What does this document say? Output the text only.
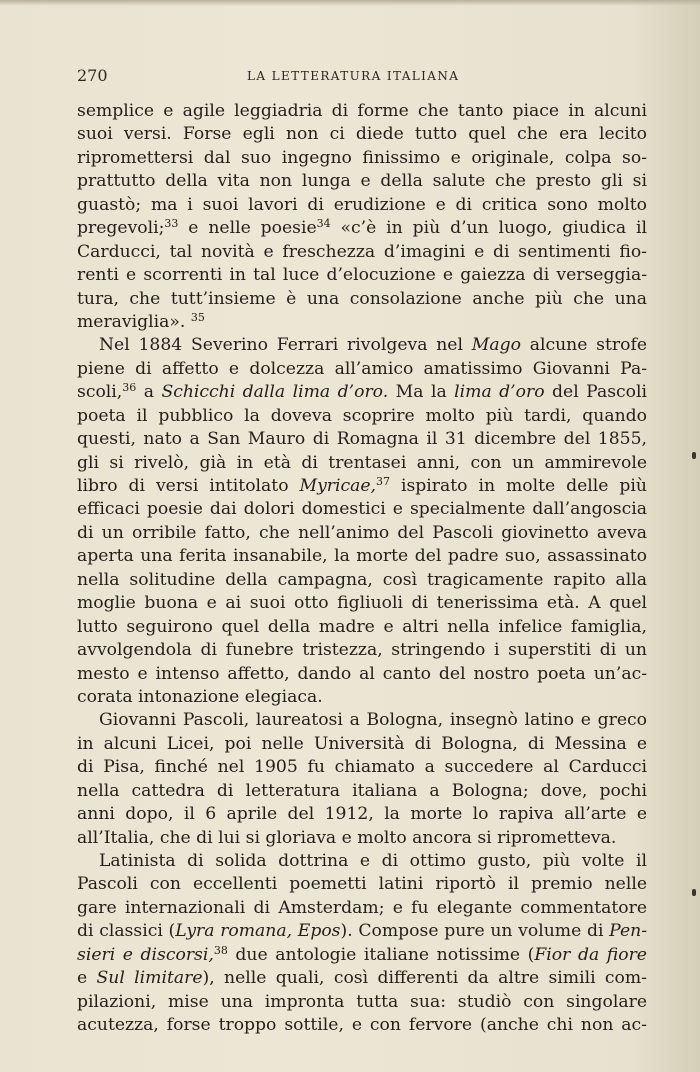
270	LA LETTERATURA ITALIANA
semplice e agile leggiadria di forme che tanto piace in alcuni
suoi versi. Forse egli non ci diede tutto quel che era lecito
ripromettersi dal suo ingegno finissimo e originale, colpa so-
prattutto della vita non lunga e della salute che presto gli si
guastò; ma i suoi lavori di erudizione e di critica sono molto
pregevoli;$^{33}$ e nelle poesie$^{34}$ «c’è in più d’un luogo, giudica il
Carducci, tal novità e freschezza d’imagini e di sentimenti fio-
renti e scorrenti in tal luce d’elocuzione e gaiezza di verseggia-
tura, che tutt’insieme è una consolazione anche più che una
meraviglia». $^{35}$
Nel 1884 Severino Ferrari rivolgeva nel Mago alcune strofe
piene di affetto e dolcezza all’amico amatissimo Giovanni Pa-
scoli,$^{36}$ a Schicchi dalla lima d’oro. Ma la lima d’oro del Pascoli
poeta il pubblico la doveva scoprire molto più tardi, quando
questi, nato a San Mauro di Romagna il 31 dicembre del 1855,
gli si rivelò, già in età di trentasei anni, con un ammirevole
libro di versi intitolato Myricae,$^{37}$ ispirato in molte delle più
efficaci poesie dai dolori domestici e specialmente dall’angoscia
di un orribile fatto, che nell’animo del Pascoli giovinetto aveva
aperta una ferita insanabile, la morte del padre suo, assassinato
nella solitudine della campagna, così tragicamente rapito alla
moglie buona e ai suoi otto figliuoli di tenerissima età. A quel
lutto seguirono quel della madre e altri nella infelice famiglia,
avvolgendola di funebre tristezza, stringendo i superstiti di un
mesto e intenso affetto, dando al canto del nostro poeta un’ac-
corata intonazione elegiaca.
Giovanni Pascoli, laureatosi a Bologna, insegnò latino e greco
in alcuni Licei, poi nelle Università di Bologna, di Messina e
di Pisa, finché nel 1905 fu chiamato a succedere al Carducci
nella cattedra di letteratura italiana a Bologna; dove, pochi
anni dopo, il 6 aprile del 1912, la morte lo rapiva all’arte e
all’Italia, che di lui si gloriava e molto ancora si riprometteva.
Latinista di solida dottrina e di ottimo gusto, più volte il
Pascoli con eccellenti poemetti latini riportò il premio nelle
gare internazionali di Amsterdam; e fu elegante commentatore
di classici (Lyra romana, Epos). Compose pure un volume di Pen-
sieri e discorsi,$^{38}$ due antologie italiane notissime (Fior da fiore
e Sul limitare), nelle quali, così differenti da altre simili com-
pilazioni, mise una impronta tutta sua: studiò con singolare
acutezza, forse troppo sottile, e con fervore (anche chi non ac-
